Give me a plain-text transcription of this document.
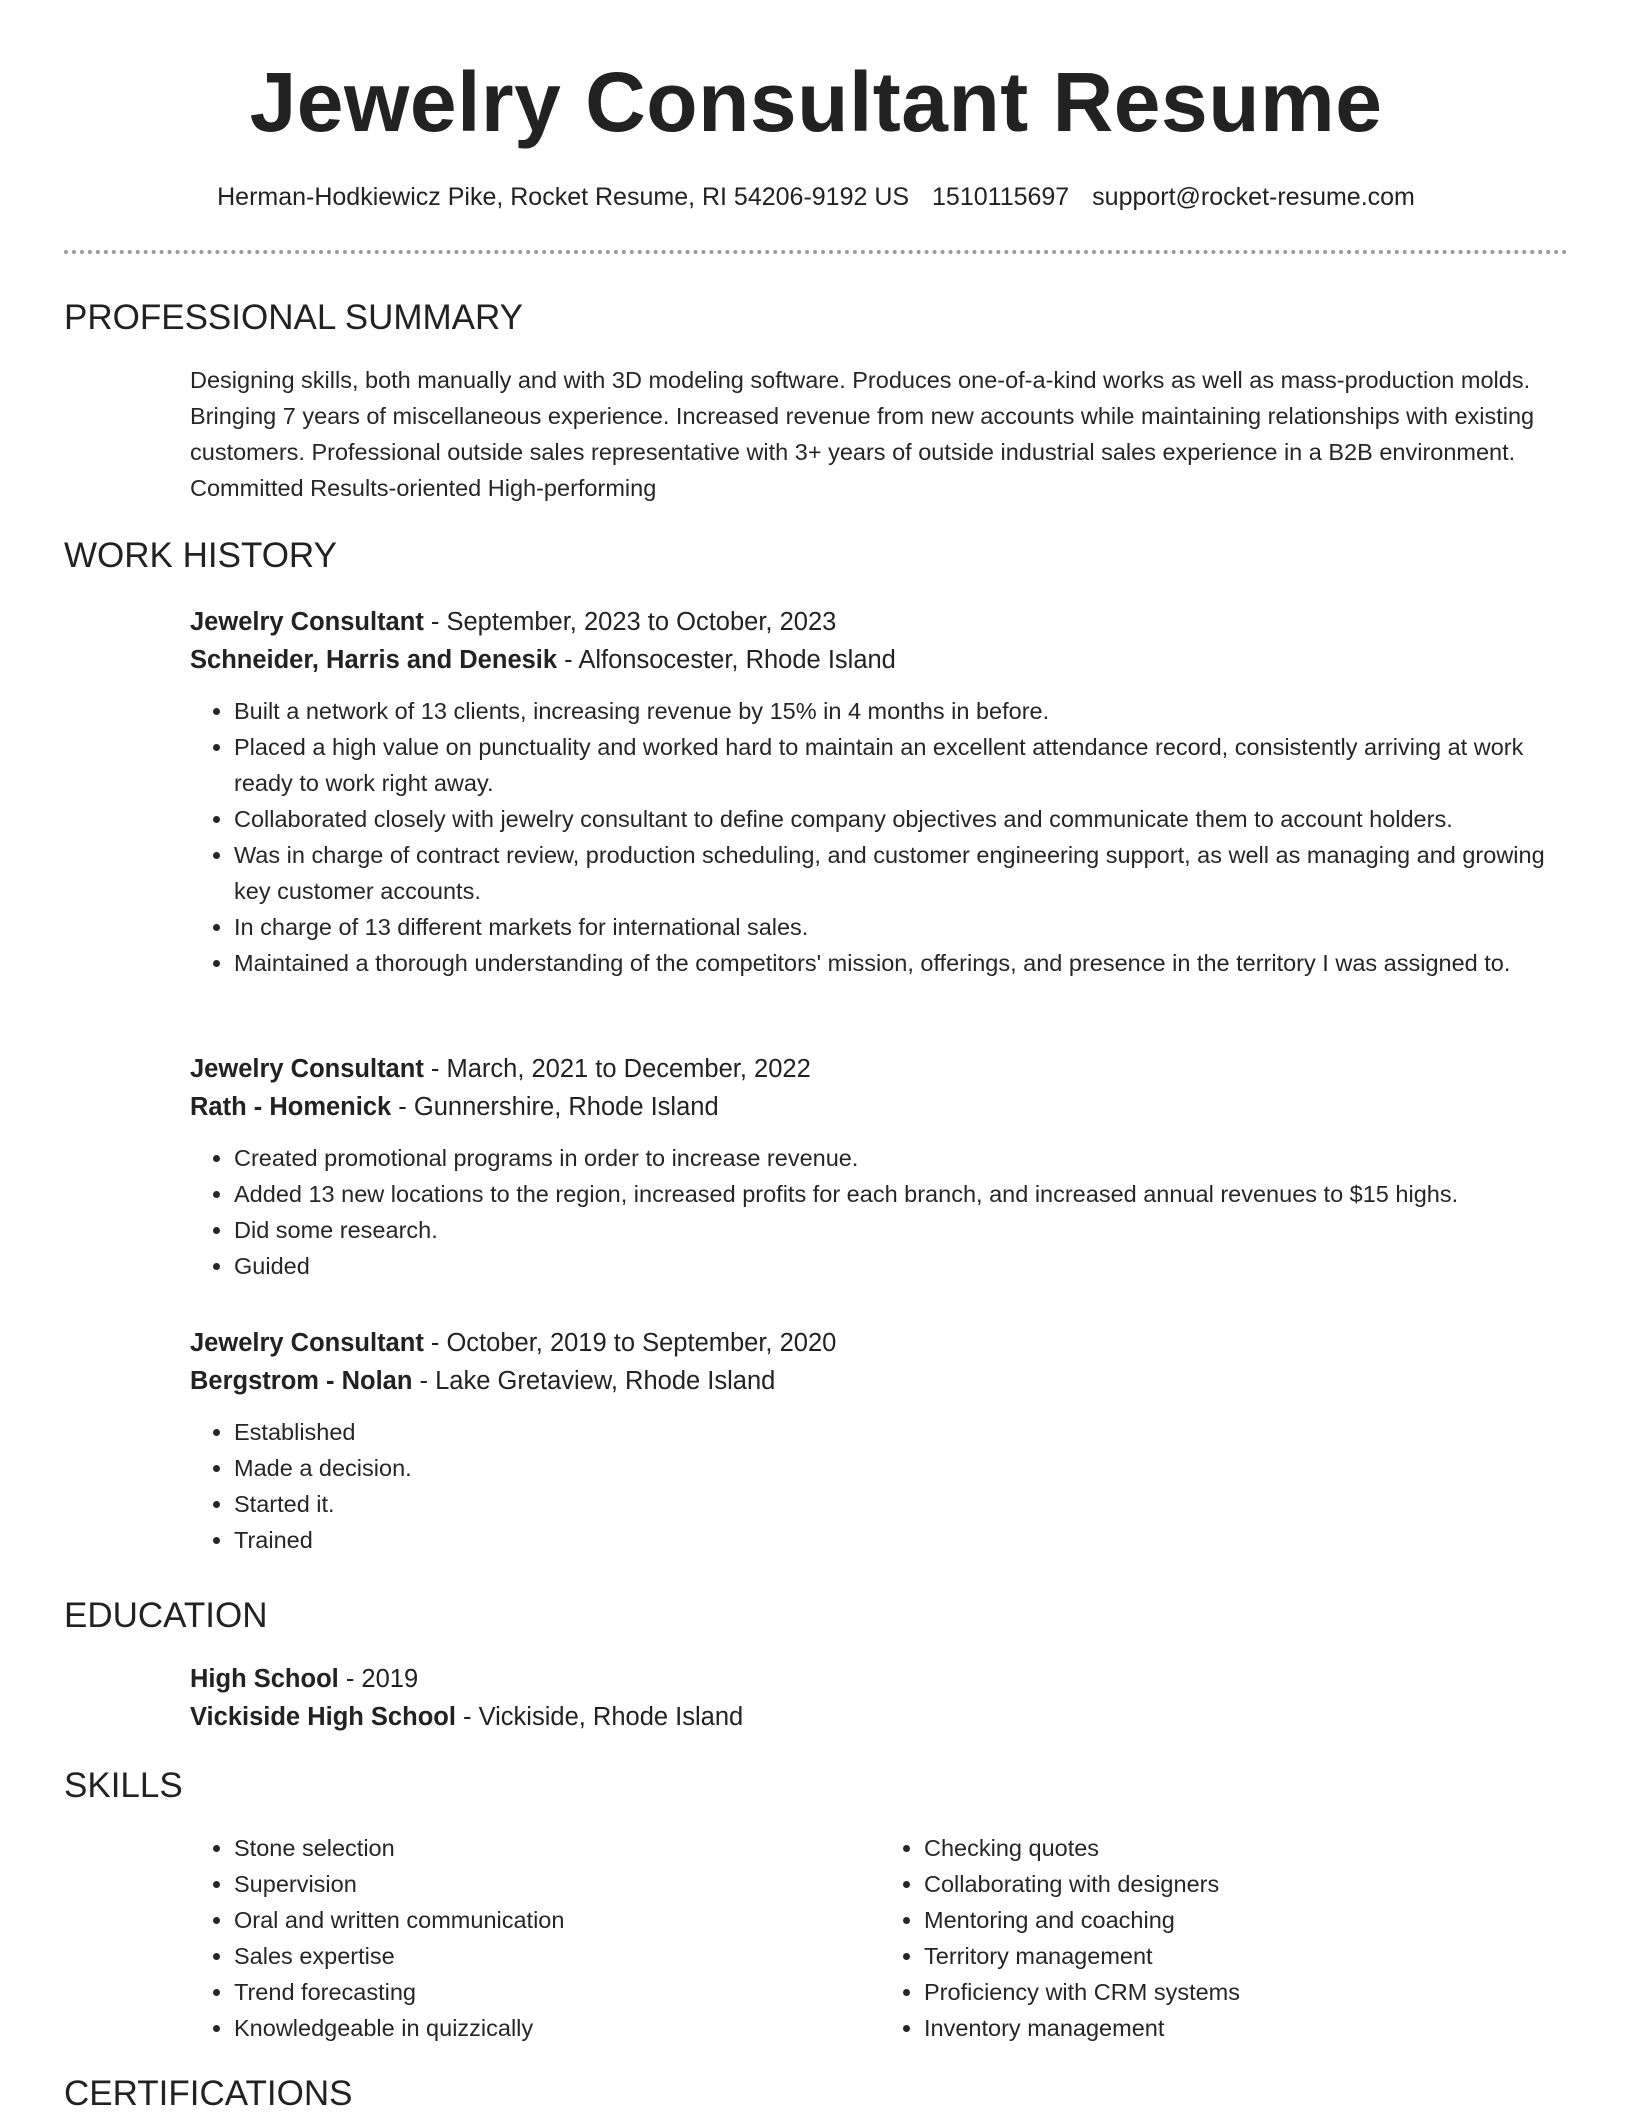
Jewelry Consultant Resume
Herman-Hodkiewicz Pike, Rocket Resume, RI 54206-9192 US 1510115697 support@rocket-resume.com
PROFESSIONAL SUMMARY

Designing skills, both manually and with 3D modeling software. Produces one-of-a-kind works as well as mass-production molds. Bringing 7 years of miscellaneous experience. Increased revenue from new accounts while maintaining relationships with existing customers. Professional outside sales representative with 3+ years of outside industrial sales experience in a B2B environment. Committed Results-oriented High-performing

WORK HISTORY

Jewelry Consultant - September, 2023 to October, 2023

Schneider, Harris and Denesik - Alfonsocester, Rhode Island

• Built a network of 13 clients, increasing revenue by 15% in 4 months in before.
• Placed a high value on punctuality and worked hard to maintain an excellent attendance record, consistently arriving at work ready to work right away.
• Collaborated closely with jewelry consultant to define company objectives and communicate them to account holders.
• Was in charge of contract review, production scheduling, and customer engineering support, as well as managing and growing key customer accounts.
• In charge of 13 different markets for international sales.
• Maintained a thorough understanding of the competitors' mission, offerings, and presence in the territory I was assigned to.

Jewelry Consultant - March, 2021 to December, 2022

Rath - Homenick - Gunnershire, Rhode Island

• Created promotional programs in order to increase revenue.
• Added 13 new locations to the region, increased profits for each branch, and increased annual revenues to $15 highs.
• Did some research.
• Guided

Jewelry Consultant - October, 2019 to September, 2020

Bergstrom - Nolan - Lake Gretaview, Rhode Island

• Established
• Made a decision.
• Started it.
• Trained
EDUCATION

High School - 2019

Vickiside High School - Vickiside, Rhode Island

SKILLS
• Stone selection
• Supervision
• Oral and written communication
• Sales expertise
• Trend forecasting
• Knowledgeable in quizzically
• Checking quotes
• Collaborating with designers
• Mentoring and coaching
• Territory management
• Proficiency with CRM systems
• Inventory management
CERTIFICATIONS
